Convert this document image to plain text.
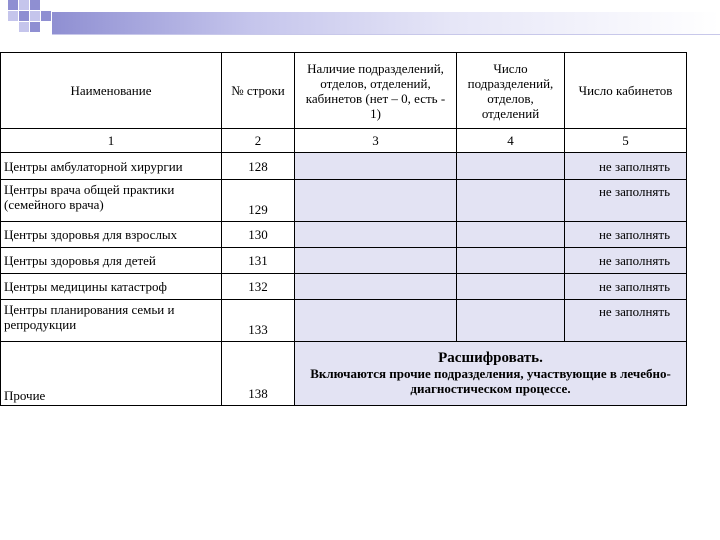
Наименование	№ строки	Наличие подразделений, отделов, отделений, кабинетов (нет – 0, есть - 1)	Число подразделений, отделов, отделений	Число кабинетов
1	2	3	4	5
Центры амбулаторной хирургии	128			не заполнять
Центры врача общей практики (семейного врача)	129			не заполнять
Центры здоровья для взрослых	130			не заполнять
Центры здоровья для детей	131			не заполнять
Центры медицины катастроф	132			не заполнять
Центры планирования семьи и репродукции	133			не заполнять
Прочие	138	Расшифровать.
Включаются прочие подразделения, участвующие в лечебно-диагностическом процессе.		
